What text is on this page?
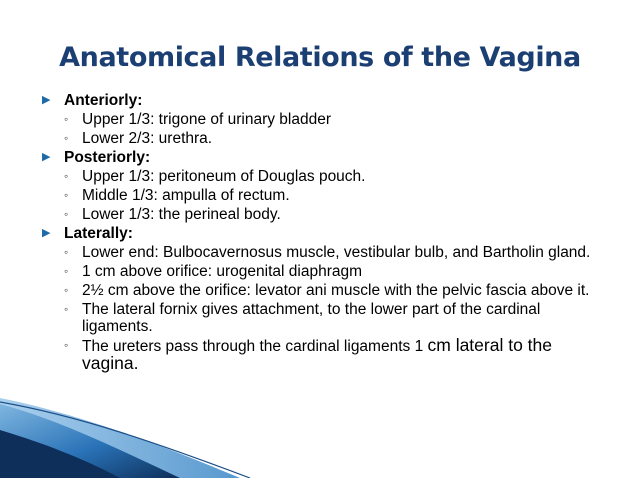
Anatomical Relations of the Vagina
▶ Anteriorly:
◦ Upper 1/3: trigone of urinary bladder
◦ Lower 2/3: urethra.
▶ Posteriorly:
◦ Upper 1/3: peritoneum of Douglas pouch.
◦ Middle 1/3: ampulla of rectum.
◦ Lower 1/3: the perineal body.
▶ Laterally:
◦ Lower end: Bulbocavernosus muscle, vestibular bulb, and Bartholin gland.
◦ 1 cm above orifice: urogenital diaphragm
◦ 2½ cm above the orifice: levator ani muscle with the pelvic fascia above it.
◦ The lateral fornix gives attachment, to the lower part of the cardinal ligaments.
◦ The ureters pass through the cardinal ligaments 1 cm lateral to the vagina.
